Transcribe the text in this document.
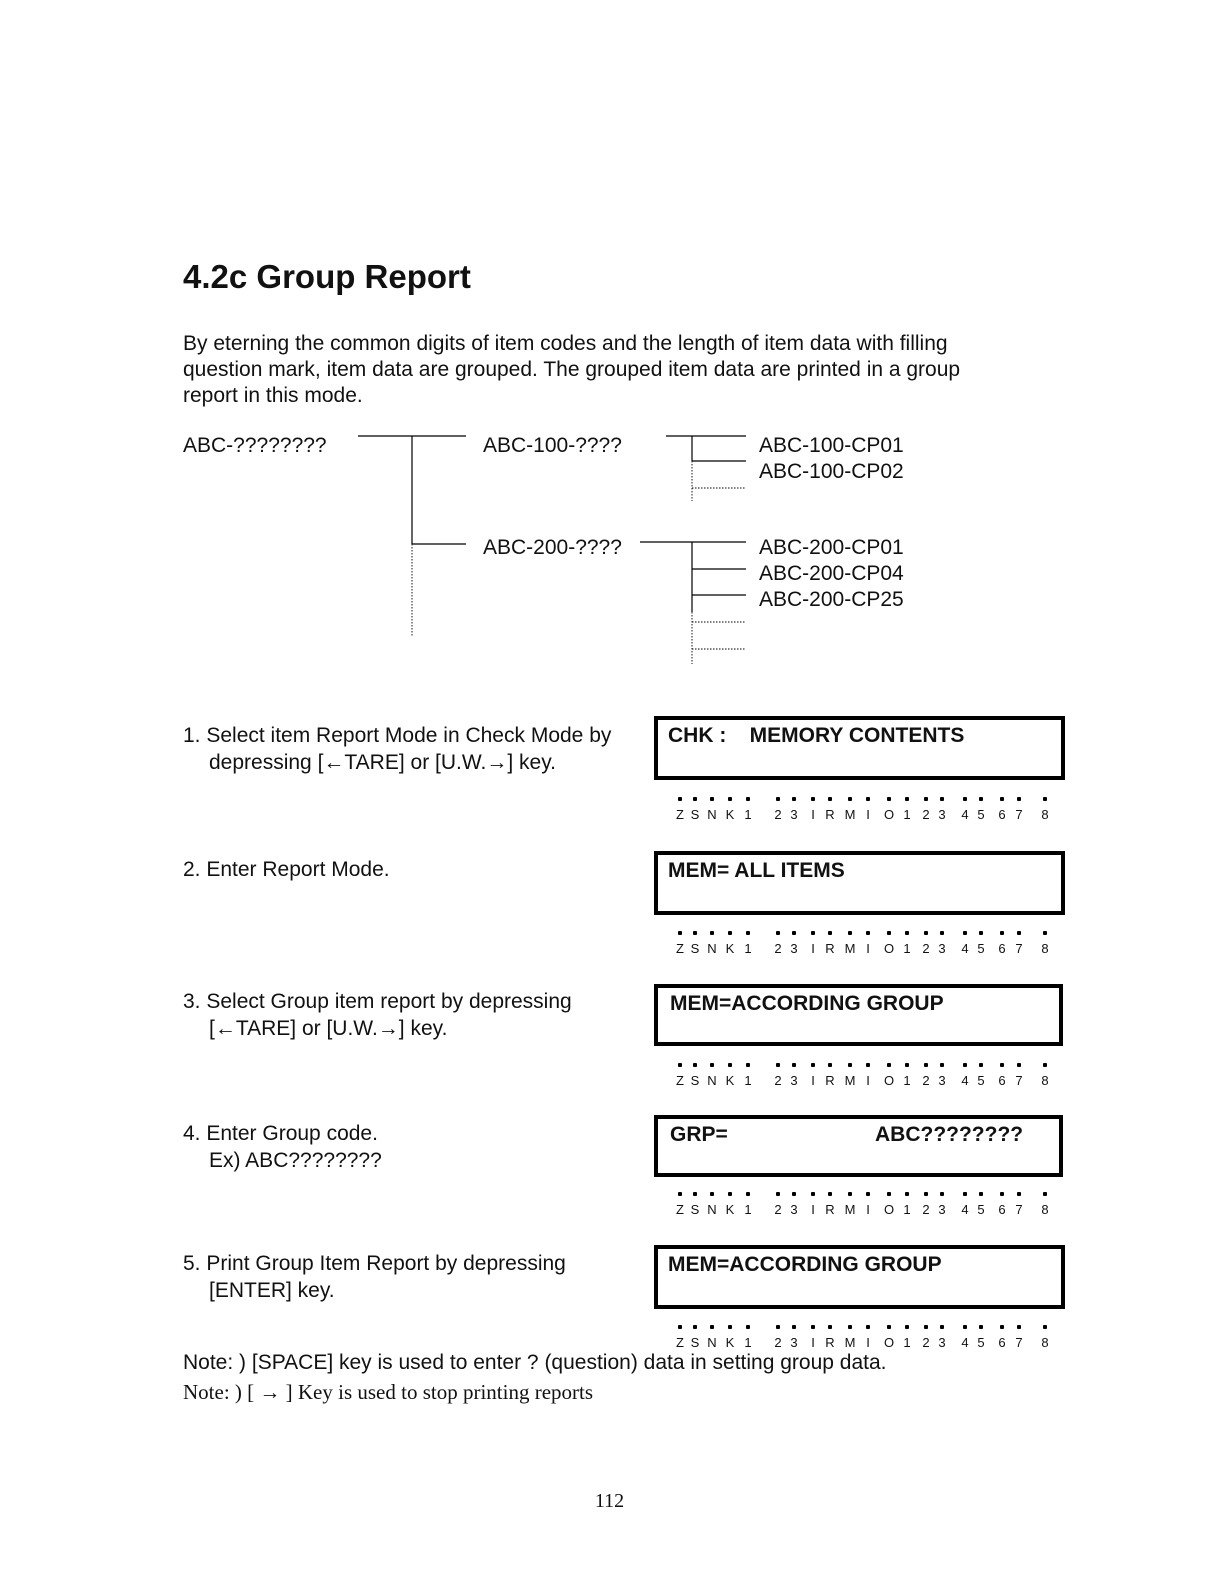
4.2c Group Report
By eterning the common digits of item codes and the length of item data with filling
question mark, item data are grouped. The grouped item data are printed in a group
report in this mode.
ABC-????????	ABC-100-????	ABC-100-CP01
ABC-100-CP02
ABC-200-????	ABC-200-CP01
ABC-200-CP04
ABC-200-CP25
1. Select item Report Mode in Check Mode by
depressing [←TARE] or [U.W.→] key.
CHK :    MEMORY CONTENTS
Z S N K 1 2 3 I R M I O 1 2 3 4 5 6 7 8
2. Enter Report Mode.	MEM= ALL ITEMS
Z S N K 1 2 3 I R M I O 1 2 3 4 5 6 7 8
3. Select Group item report by depressing
[←TARE] or [U.W.→] key.
MEM=ACCORDING GROUP
Z S N K 1 2 3 I R M I O 1 2 3 4 5 6 7 8
4. Enter Group code.
Ex) ABC????????
GRP=	ABC????????
Z S N K 1 2 3 I R M I O 1 2 3 4 5 6 7 8
5. Print Group Item Report by depressing
[ENTER] key.
MEM=ACCORDING GROUP
Z S N K 1 2 3 I R M I O 1 2 3 4 5 6 7 8
Note: ) [SPACE] key is used to enter ? (question) data in setting group data.
Note: ) [ → ] Key is used to stop printing reports
112
